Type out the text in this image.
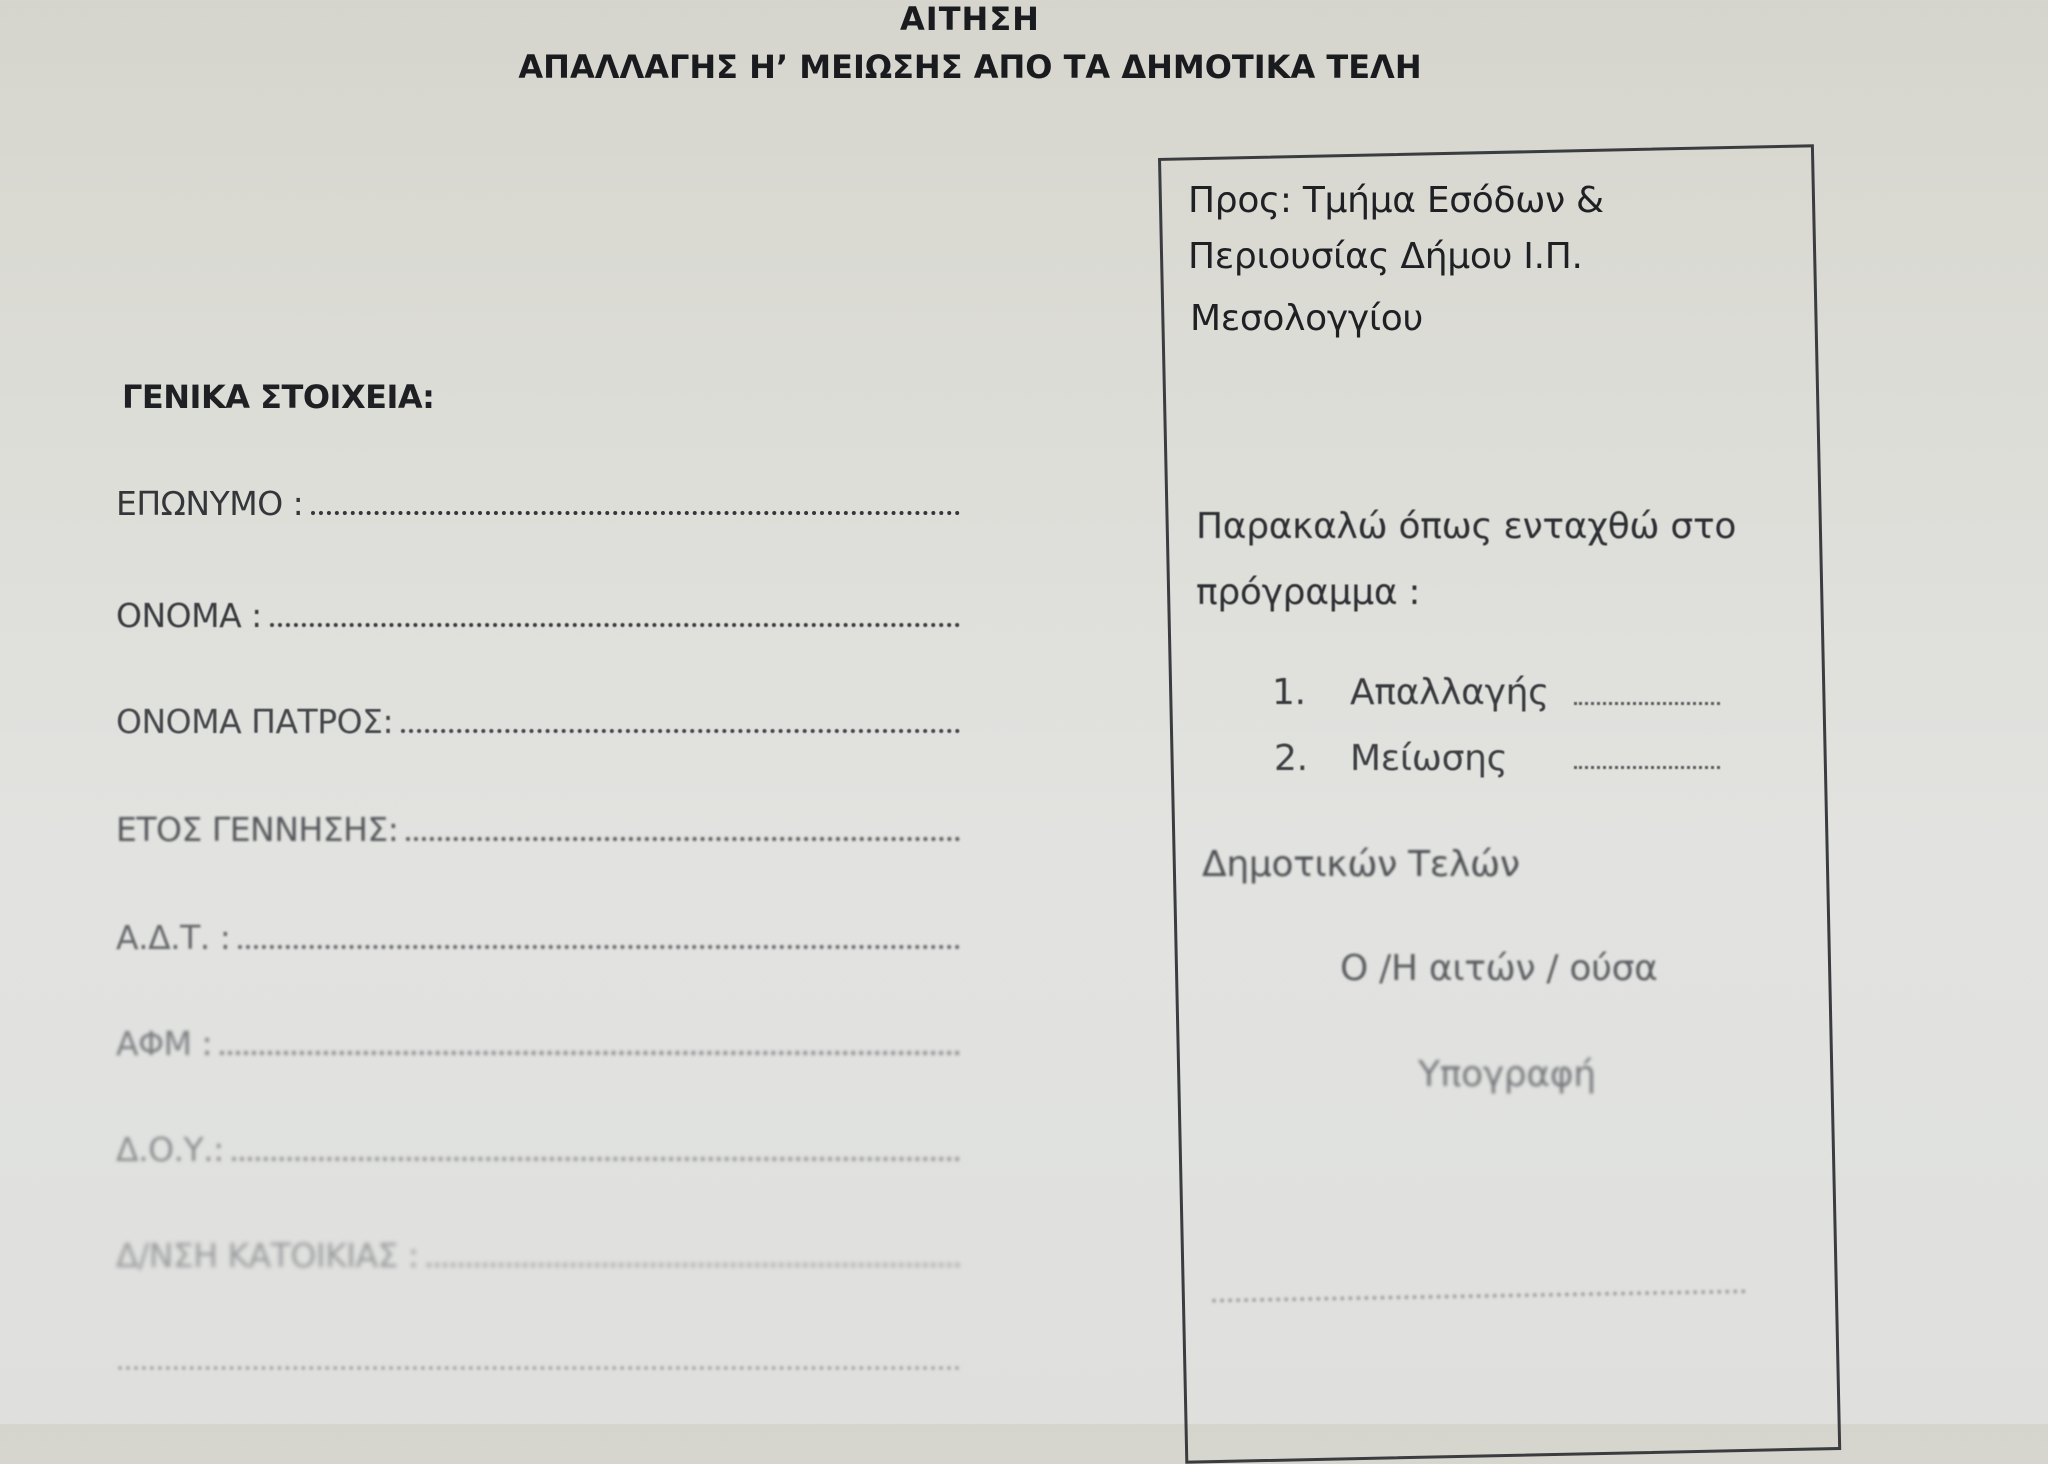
ΑΙΤΗΣΗ
ΑΠΑΛΛΑΓΗΣ Η’ ΜΕΙΩΣΗΣ ΑΠΟ ΤΑ ΔΗΜΟΤΙΚΑ ΤΕΛΗ
ΓΕΝΙΚΑ ΣΤΟΙΧΕΙΑ:
ΕΠΩΝΥΜΟ :
ΟΝΟΜΑ :
ΟΝΟΜΑ ΠΑΤΡΟΣ:
ΕΤΟΣ ΓΕΝΝΗΣΗΣ:
Α.Δ.Τ. :
ΑΦΜ :
Δ.Ο.Υ.:
Δ/ΝΣΗ ΚΑΤΟΙΚΙΑΣ :
Προς: Τμήμα Εσόδων &
Περιουσίας Δήμου Ι.Π.
Μεσολογγίου
Παρακαλώ όπως ενταχθώ στο
πρόγραμμα :
1. Απαλλαγής
2. Μείωσης
Δημοτικών Τελών
Ο /Η αιτών / ούσα
Υπογραφή
